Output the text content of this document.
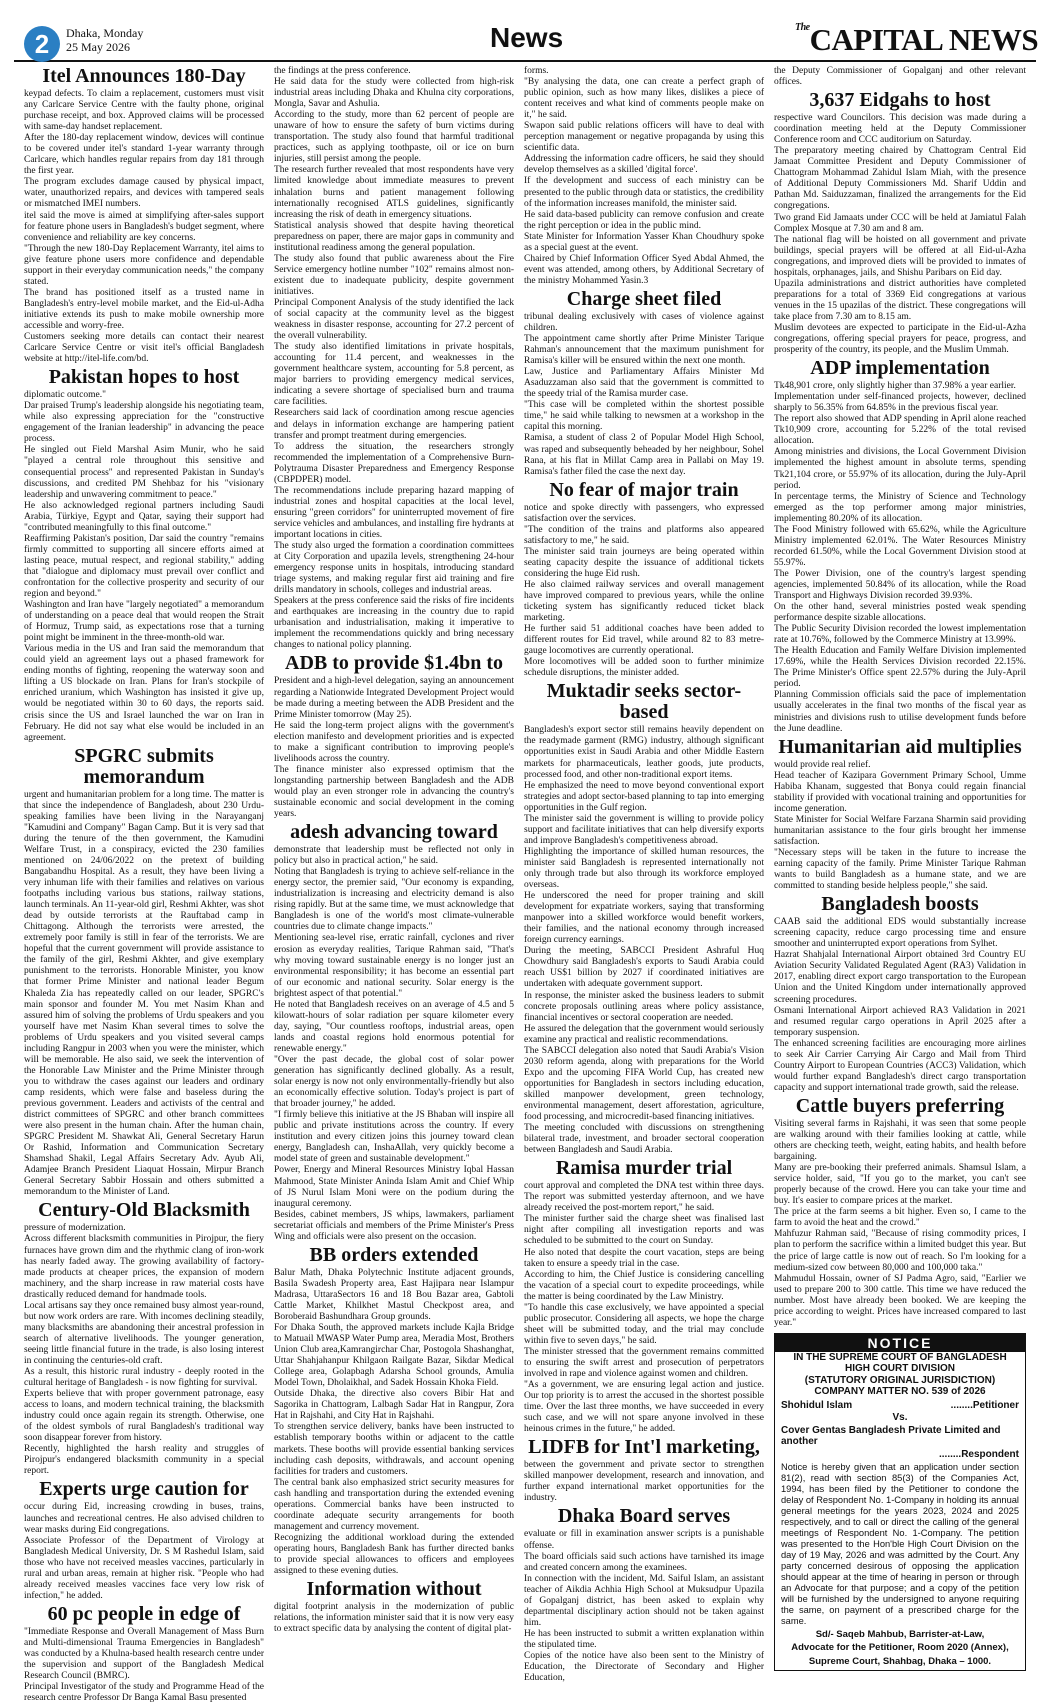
2	Dhaka, Monday
25 May 2026	News	$^{The}$CAPITAL NEWS
Itel Announces 180-Day

keypad defects. To claim a replacement, customers must visit any Carlcare Service Centre with the faulty phone, original purchase receipt, and box. Approved claims will be processed with same-day handset replacement.

After the 180-day replacement window, devices will continue to be covered under itel's standard 1-year warranty through Carlcare, which handles regular repairs from day 181 through the first year.

The program excludes damage caused by physical impact, water, unauthorized repairs, and devices with tampered seals or mismatched IMEI numbers.

itel said the move is aimed at simplifying after-sales support for feature phone users in Bangladesh's budget segment, where convenience and reliability are key concerns.

"Through the new 180-Day Replacement Warranty, itel aims to give feature phone users more confidence and dependable support in their everyday communication needs," the company stated.

The brand has positioned itself as a trusted name in Bangladesh's entry-level mobile market, and the Eid-ul-Adha initiative extends its push to make mobile ownership more accessible and worry-free.

Customers seeking more details can contact their nearest Carlcare Service Centre or visit itel's official Bangladesh website at http://itel-life.com/bd.

Pakistan hopes to host

diplomatic outcome."

Dar praised Trump's leadership alongside his negotiating team, while also expressing appreciation for the "constructive engagement of the Iranian leadership" in advancing the peace process.

He singled out Field Marshal Asim Munir, who he said "played a central role throughout this sensitive and consequential process" and represented Pakistan in Sunday's discussions, and credited PM Shehbaz for his "visionary leadership and unwavering commitment to peace."

He also acknowledged regional partners including Saudi Arabia, Türkiye, Egypt and Qatar, saying their support had "contributed meaningfully to this final outcome."

Reaffirming Pakistan's position, Dar said the country "remains firmly committed to supporting all sincere efforts aimed at lasting peace, mutual respect, and regional stability," adding that "dialogue and diplomacy must prevail over conflict and confrontation for the collective prosperity and security of our region and beyond."

Washington and Iran have "largely negotiated" a memorandum of understanding on a peace deal that would reopen the Strait of Hormuz, Trump said, as expectations rose that a turning point might be imminent in the three-month-old war.

Various media in the US and Iran said the memorandum that could yield an agreement lays out a phased framework for ending months of fighting, reopening the waterway soon and lifting a US blockade on Iran. Plans for Iran's stockpile of enriched uranium, which Washington has insisted it give up, would be negotiated within 30 to 60 days, the reports said. crisis since the US and Israel launched the war on Iran in February. He did not say what else would be included in an agreement.

SPGRC submits memorandum

urgent and humanitarian problem for a long time. The matter is that since the independence of Bangladesh, about 230 Urdu-speaking families have been living in the Narayanganj "Kamudini and Company" Bagan Camp. But it is very sad that during the tenure of the then government, the Kamudini Welfare Trust, in a conspiracy, evicted the 230 families mentioned on 24/06/2022 on the pretext of building Bangabandhu Hospital. As a result, they have been living a very inhuman life with their families and relatives on various footpaths including various bus stations, railway stations, launch terminals. An 11-year-old girl, Reshmi Akhter, was shot dead by outside terrorists at the Rauftabad camp in Chittagong. Although the terrorists were arrested, the extremely poor family is still in fear of the terrorists. We are hopeful that the current government will provide assistance to the family of the girl, Reshmi Akhter, and give exemplary punishment to the terrorists. Honorable Minister, you know that former Prime Minister and national leader Begum Khaleda Zia has repeatedly called on our leader, SPGRC's main sponsor and founder M. You met Nasim Khan and assured him of solving the problems of Urdu speakers and you yourself have met Nasim Khan several times to solve the problems of Urdu speakers and you visited several camps including Rangpur in 2003 when you were the minister, which will be memorable. He also said, we seek the intervention of the Honorable Law Minister and the Prime Minister through you to withdraw the cases against our leaders and ordinary camp residents, which were false and baseless during the previous government. Leaders and activists of the central and district committees of SPGRC and other branch committees were also present in the human chain. After the human chain, SPGRC President M. Shawkat Ali, General Secretary Harun Or Rashid, Information and Communication Secretary Shamshad Shakil, Legal Affairs Secretary Adv. Ayub Ali, Adamjee Branch President Liaquat Hossain, Mirpur Branch General Secretary Sabbir Hossain and others submitted a memorandum to the Minister of Land.

Century-Old Blacksmith

pressure of modernization.

Across different blacksmith communities in Pirojpur, the fiery furnaces have grown dim and the rhythmic clang of iron-work has nearly faded away. The growing availability of factory-made products at cheaper prices, the expansion of modern machinery, and the sharp increase in raw material costs have drastically reduced demand for handmade tools.

Local artisans say they once remained busy almost year-round, but now work orders are rare. With incomes declining steadily, many blacksmiths are abandoning their ancestral profession in search of alternative livelihoods. The younger generation, seeing little financial future in the trade, is also losing interest in continuing the centuries-old craft.

As a result, this historic rural industry - deeply rooted in the cultural heritage of Bangladesh - is now fighting for survival.

Experts believe that with proper government patronage, easy access to loans, and modern technical training, the blacksmith industry could once again regain its strength. Otherwise, one of the oldest symbols of rural Bangladesh's traditional way soon disappear forever from history.

Recently, highlighted the harsh reality and struggles of Pirojpur's endangered blacksmith community in a special report.

Experts urge caution for

occur during Eid, increasing crowding in buses, trains, launches and recreational centres. He also advised children to wear masks during Eid congregations.

Associate Professor of the Department of Virology at Bangladesh Medical University, Dr. S M Rashedul Islam, said those who have not received measles vaccines, particularly in rural and urban areas, remain at higher risk. "People who had already received measles vaccines face very low risk of infection," he added.

60 pc people in edge of

"Immediate Response and Overall Management of Mass Burn and Multi-dimensional Trauma Emergencies in Bangladesh" was conducted by a Khulna-based health research centre under the supervision and support of the Bangladesh Medical Research Council (BMRC).

Principal Investigator of the study and Programme Head of the research centre Professor Dr Banga Kamal Basu presented

the findings at the press conference.

He said data for the study were collected from high-risk industrial areas including Dhaka and Khulna city corporations, Mongla, Savar and Ashulia.

According to the study, more than 62 percent of people are unaware of how to ensure the safety of burn victims during transportation. The study also found that harmful traditional practices, such as applying toothpaste, oil or ice on burn injuries, still persist among the people.

The research further revealed that most respondents have very limited knowledge about immediate measures to prevent inhalation burns and patient management following internationally recognised ATLS guidelines, significantly increasing the risk of death in emergency situations.

Statistical analysis showed that despite having theoretical preparedness on paper, there are major gaps in community and institutional readiness among the general population.

The study also found that public awareness about the Fire Service emergency hotline number "102" remains almost non-existent due to inadequate publicity, despite government initiatives.

Principal Component Analysis of the study identified the lack of social capacity at the community level as the biggest weakness in disaster response, accounting for 27.2 percent of the overall vulnerability.

The study also identified limitations in private hospitals, accounting for 11.4 percent, and weaknesses in the government healthcare system, accounting for 5.8 percent, as major barriers to providing emergency medical services, indicating a severe shortage of specialised burn and trauma care facilities.

Researchers said lack of coordination among rescue agencies and delays in information exchange are hampering patient transfer and prompt treatment during emergencies.

To address the situation, the researchers strongly recommended the implementation of a Comprehensive Burn-Polytrauma Disaster Preparedness and Emergency Response (CBPDPER) model.

The recommendations include preparing hazard mapping of industrial zones and hospital capacities at the local level, ensuring "green corridors" for uninterrupted movement of fire service vehicles and ambulances, and installing fire hydrants at important locations in cities.

The study also urged the formation a coordination committees at City Corporation and upazila levels, strengthening 24-hour emergency response units in hospitals, introducing standard triage systems, and making regular first aid training and fire drills mandatory in schools, colleges and industrial areas.

Speakers at the press conference said the risks of fire incidents and earthquakes are increasing in the country due to rapid urbanisation and industrialisation, making it imperative to implement the recommendations quickly and bring necessary changes to national policy planning.

ADB to provide $1.4bn to

President and a high-level delegation, saying an announcement regarding a Nationwide Integrated Development Project would be made during a meeting between the ADB President and the Prime Minister tomorrow (May 25).

He said the long-term project aligns with the government's election manifesto and development priorities and is expected to make a significant contribution to improving people's livelihoods across the country.

The finance minister also expressed optimism that the longstanding partnership between Bangladesh and the ADB would play an even stronger role in advancing the country's sustainable economic and social development in the coming years.

adesh advancing toward

demonstrate that leadership must be reflected not only in policy but also in practical action," he said.

Noting that Bangladesh is trying to achieve self-reliance in the energy sector, the premier said, "Our economy is expanding, industrialization is increasing and electricity demand is also rising rapidly. But at the same time, we must acknowledge that Bangladesh is one of the world's most climate-vulnerable countries due to climate change impacts."

Mentioning sea-level rise, erratic rainfall, cyclones and river erosion as everyday realities, Tarique Rahman said, "That's why moving toward sustainable energy is no longer just an environmental responsibility; it has become an essential part of our economic and national security. Solar energy is the brightest aspect of that potential."

He noted that Bangladesh receives on an average of 4.5 and 5 kilowatt-hours of solar radiation per square kilometer every day, saying, "Our countless rooftops, industrial areas, open lands and coastal regions hold enormous potential for renewable energy."

"Over the past decade, the global cost of solar power generation has significantly declined globally. As a result, solar energy is now not only environmentally-friendly but also an economically effective solution. Today's project is part of that broader journey," he added.

"I firmly believe this initiative at the JS Bhaban will inspire all public and private institutions across the country. If every institution and every citizen joins this journey toward clean energy, Bangladesh can, InshaAllah, very quickly become a model state of green and sustainable development."

Power, Energy and Mineral Resources Ministry Iqbal Hassan Mahmood, State Minister Aninda Islam Amit and Chief Whip of JS Nurul Islam Moni were on the podium during the inaugural ceremony.

Besides, cabinet members, JS whips, lawmakers, parliament secretariat officials and members of the Prime Minister's Press Wing and officials were also present on the occasion.

BB orders extended

Balur Math, Dhaka Polytechnic Institute adjacent grounds, Basila Swadesh Property area, East Hajipara near Islampur Madrasa, UttaraSectors 16 and 18 Bou Bazar area, Gabtoli Cattle Market, Khilkhet Mastul Checkpost area, and Boroberaid Bashundhara Group grounds.

For Dhaka South, the approved markets include Kajla Bridge to Matuail MWASP Water Pump area, Meradia Most, Brothers Union Club area,Kamrangirchar Char, Postogola Shashanghat, Uttar Shahjahanpur Khilgaon Railgate Bazar, Sikdar Medical College area, Golapbagh Adarsha School grounds, Amulia Model Town, Dholaikhal, and Sadek Hossain Khoka Field.

Outside Dhaka, the directive also covers Bibir Hat and Sagorika in Chattogram, Lalbagh Sadar Hat in Rangpur, Zora Hat in Rajshahi, and City Hat in Rajshahi.

To strengthen service delivery, banks have been instructed to establish temporary booths within or adjacent to the cattle markets. These booths will provide essential banking services including cash deposits, withdrawals, and account opening facilities for traders and customers.

The central bank also emphasized strict security measures for cash handling and transportation during the extended evening operations. Commercial banks have been instructed to coordinate adequate security arrangements for booth management and currency movement.

Recognizing the additional workload during the extended operating hours, Bangladesh Bank has further directed banks to provide special allowances to officers and employees assigned to these evening duties.

Information without

digital footprint analysis in the modernization of public relations, the information minister said that it is now very easy to extract specific data by analysing the content of digital plat-

forms.

"By analysing the data, one can create a perfect graph of public opinion, such as how many likes, dislikes a piece of content receives and what kind of comments people make on it," he said.

Swapon said public relations officers will have to deal with perception management or negative propaganda by using this scientific data.

Addressing the information cadre officers, he said they should develop themselves as a skilled 'digital force'.

If the development and success of each ministry can be presented to the public through data or statistics, the credibility of the information increases manifold, the minister said.

He said data-based publicity can remove confusion and create the right perception or idea in the public mind.

State Minister for Information Yasser Khan Choudhury spoke as a special guest at the event.

Chaired by Chief Information Officer Syed Abdal Ahmed, the event was attended, among others, by Additional Secretary of the ministry Mohammed Yasin.3

Charge sheet filed

tribunal dealing exclusively with cases of violence against children.

The appointment came shortly after Prime Minister Tarique Rahman's announcement that the maximum punishment for Ramisa's killer will be ensured within the next one month.

Law, Justice and Parliamentary Affairs Minister Md Asaduzzaman also said that the government is committed to the speedy trial of the Ramisa murder case.

"This case will be completed within the shortest possible time," he said while talking to newsmen at a workshop in the capital this morning.

Ramisa, a student of class 2 of Popular Model High School, was raped and subsequently beheaded by her neighbour, Sohel Rana, at his flat in Millat Camp area in Pallabi on May 19. Ramisa's father filed the case the next day.

No fear of major train

notice and spoke directly with passengers, who expressed satisfaction over the services.

"The condition of the trains and platforms also appeared satisfactory to me," he said.

The minister said train journeys are being operated within seating capacity despite the issuance of additional tickets considering the huge Eid rush.

He also claimed railway services and overall management have improved compared to previous years, while the online ticketing system has significantly reduced ticket black marketing.

He further said 51 additional coaches have been added to different routes for Eid travel, while around 82 to 83 metre-gauge locomotives are currently operational.

More locomotives will be added soon to further minimize schedule disruptions, the minister added.

Muktadir seeks sector-based

Bangladesh's export sector still remains heavily dependent on the readymade garment (RMG) industry, although significant opportunities exist in Saudi Arabia and other Middle Eastern markets for pharmaceuticals, leather goods, jute products, processed food, and other non-traditional export items.

He emphasized the need to move beyond conventional export strategies and adopt sector-based planning to tap into emerging opportunities in the Gulf region.

The minister said the government is willing to provide policy support and facilitate initiatives that can help diversify exports and improve Bangladesh's competitiveness abroad.

Highlighting the importance of skilled human resources, the minister said Bangladesh is represented internationally not only through trade but also through its workforce employed overseas.

He underscored the need for proper training and skill development for expatriate workers, saying that transforming manpower into a skilled workforce would benefit workers, their families, and the national economy through increased foreign currency earnings.

During the meeting, SABCCI President Ashraful Huq Chowdhury said Bangladesh's exports to Saudi Arabia could reach US$1 billion by 2027 if coordinated initiatives are undertaken with adequate government support.

In response, the minister asked the business leaders to submit concrete proposals outlining areas where policy assistance, financial incentives or sectoral cooperation are needed.

He assured the delegation that the government would seriously examine any practical and realistic recommendations.

The SABCCI delegation also noted that Saudi Arabia's Vision 2030 reform agenda, along with preparations for the World Expo and the upcoming FIFA World Cup, has created new opportunities for Bangladesh in sectors including education, skilled manpower development, green technology, environmental management, desert afforestation, agriculture, food processing, and microcredit-based financing initiatives.

The meeting concluded with discussions on strengthening bilateral trade, investment, and broader sectoral cooperation between Bangladesh and Saudi Arabia.

Ramisa murder trial

court approval and completed the DNA test within three days. The report was submitted yesterday afternoon, and we have already received the post-mortem report," he said.

The minister further said the charge sheet was finalised last night after compiling all investigation reports and was scheduled to be submitted to the court on Sunday.

He also noted that despite the court vacation, steps are being taken to ensure a speedy trial in the case.

According to him, the Chief Justice is considering cancelling the vacation of a special court to expedite proceedings, while the matter is being coordinated by the Law Ministry.

"To handle this case exclusively, we have appointed a special public prosecutor. Considering all aspects, we hope the charge sheet will be submitted today, and the trial may conclude within five to seven days," he said.

The minister stressed that the government remains committed to ensuring the swift arrest and prosecution of perpetrators involved in rape and violence against women and children.

"As a government, we are ensuring legal action and justice. Our top priority is to arrest the accused in the shortest possible time. Over the last three months, we have succeeded in every such case, and we will not spare anyone involved in these heinous crimes in the future," he added.

LIDFB for Int'l marketing,

between the government and private sector to strengthen skilled manpower development, research and innovation, and further expand international market opportunities for the industry.

Dhaka Board serves

evaluate or fill in examination answer scripts is a punishable offense.

The board officials said such actions have tarnished its image and created concern among the examinees.

In connection with the incident, Md. Saiful Islam, an assistant teacher of Aikdia Achhia High School at Muksudpur Upazila of Gopalganj district, has been asked to explain why departmental disciplinary action should not be taken against him.

He has been instructed to submit a written explanation within the stipulated time.

Copies of the notice have also been sent to the Ministry of Education, the Directorate of Secondary and Higher Education,

the Deputy Commissioner of Gopalganj and other relevant offices.

3,637 Eidgahs to host

respective ward Councilors. This decision was made during a coordination meeting held at the Deputy Commissioner Conference room and CCC auditorium on Saturday.

The preparatory meeting chaired by Chattogram Central Eid Jamaat Committee President and Deputy Commissioner of Chattogram Mohammad Zahidul Islam Miah, with the presence of Additional Deputy Commissioners Md. Sharif Uddin and Pathan Md. Saiduzzaman, finalized the arrangements for the Eid congregations.

Two grand Eid Jamaats under CCC will be held at Jamiatul Falah Complex Mosque at 7.30 am and 8 am.

The national flag will be hoisted on all government and private buildings, special prayers will be offered at all Eid-ul-Azha congregations, and improved diets will be provided to inmates of hospitals, orphanages, jails, and Shishu Paribars on Eid day.

Upazila administrations and district authorities have completed preparations for a total of 3369 Eid congregations at various venues in the 15 upazilas of the district. These congregations will take place from 7.30 am to 8.15 am.

Muslim devotees are expected to participate in the Eid-ul-Azha congregations, offering special prayers for peace, progress, and prosperity of the country, its people, and the Muslim Ummah.

ADP implementation

Tk48,901 crore, only slightly higher than 37.98% a year earlier.

Implementation under self-financed projects, however, declined sharply to 56.35% from 64.85% in the previous fiscal year.

The report also showed that ADP spending in April alone reached Tk10,909 crore, accounting for 5.22% of the total revised allocation.

Among ministries and divisions, the Local Government Division implemented the highest amount in absolute terms, spending Tk21,104 crore, or 55.97% of its allocation, during the July-April period.

In percentage terms, the Ministry of Science and Technology emerged as the top performer among major ministries, implementing 80.20% of its allocation.

The Food Ministry followed with 65.62%, while the Agriculture Ministry implemented 62.01%. The Water Resources Ministry recorded 61.50%, while the Local Government Division stood at 55.97%.

The Power Division, one of the country's largest spending agencies, implemented 50.84% of its allocation, while the Road Transport and Highways Division recorded 39.93%.

On the other hand, several ministries posted weak spending performance despite sizable allocations.

The Public Security Division recorded the lowest implementation rate at 10.76%, followed by the Commerce Ministry at 13.99%.

The Health Education and Family Welfare Division implemented 17.69%, while the Health Services Division recorded 22.15%. The Prime Minister's Office spent 22.57% during the July-April period.

Planning Commission officials said the pace of implementation usually accelerates in the final two months of the fiscal year as ministries and divisions rush to utilise development funds before the June deadline.

Humanitarian aid multiplies

would provide real relief.

Head teacher of Kazipara Government Primary School, Umme Habiba Khanam, suggested that Bonya could regain financial stability if provided with vocational training and opportunities for income generation.

State Minister for Social Welfare Farzana Sharmin said providing humanitarian assistance to the four girls brought her immense satisfaction.

"Necessary steps will be taken in the future to increase the earning capacity of the family. Prime Minister Tarique Rahman wants to build Bangladesh as a humane state, and we are committed to standing beside helpless people," she said.

Bangladesh boosts

CAAB said the additional EDS would substantially increase screening capacity, reduce cargo processing time and ensure smoother and uninterrupted export operations from Sylhet.

Hazrat Shahjalal International Airport obtained 3rd Country EU Aviation Security Validated Regulated Agent (RA3) Validation in 2017, enabling direct export cargo transportation to the European Union and the United Kingdom under internationally approved screening procedures.

Osmani International Airport achieved RA3 Validation in 2021 and resumed regular cargo operations in April 2025 after a temporary suspension.

The enhanced screening facilities are encouraging more airlines to seek Air Carrier Carrying Air Cargo and Mail from Third Country Airport to European Countries (ACC3) Validation, which would further expand Bangladesh's direct cargo transportation capacity and support international trade growth, said the release.

Cattle buyers preferring

Visiting several farms in Rajshahi, it was seen that some people are walking around with their families looking at cattle, while others are checking teeth, weight, eating habits, and health before bargaining.

Many are pre-booking their preferred animals. Shamsul Islam, a service holder, said, "If you go to the market, you can't see properly because of the crowd. Here you can take your time and buy. It's easier to compare prices at the market.

The price at the farm seems a bit higher. Even so, I came to the farm to avoid the heat and the crowd."

Mahfuzur Rahman said, "Because of rising commodity prices, I plan to perform the sacrifice within a limited budget this year. But the price of large cattle is now out of reach. So I'm looking for a medium-sized cow between 80,000 and 100,000 taka."

Mahmudul Hossain, owner of SJ Padma Agro, said, "Earlier we used to prepare 200 to 300 cattle. This time we have reduced the number. Most have already been booked. We are keeping the price according to weight. Prices have increased compared to last year."

NOTICE
IN THE SUPREME COURT OF BANGLADESH
HIGH COURT DIVISION
(STATUTORY ORIGINAL JURISDICTION)
COMPANY MATTER NO. 539 of 2026
Shohidul Islam	........Petitioner
Vs.
Cover Gentas Bangladesh Private Limited and another
........Respondent
Notice is hereby given that an application under section 81(2), read with section 85(3) of the Companies Act, 1994, has been filed by the Petitioner to condone the delay of Respondent No. 1-Company in holding its annual general meetings for the years 2023, 2024 and 2025 respectively, and to call or direct the calling of the general meetings of Respondent No. 1-Company. The petition was presented to the Hon'ble High Court Division on the day of 19 May, 2026 and was admitted by the Court. Any party concerned desirous of opposing the application should appear at the time of hearing in person or through an Advocate for that purpose; and a copy of the petition will be furnished by the undersigned to anyone requiring the same, on payment of a prescribed charge for the same.
Sd/- Saqeb Mahbub, Barrister-at-Law,
Advocate for the Petitioner, Room 2020 (Annex),
Supreme Court, Shahbag, Dhaka – 1000.
